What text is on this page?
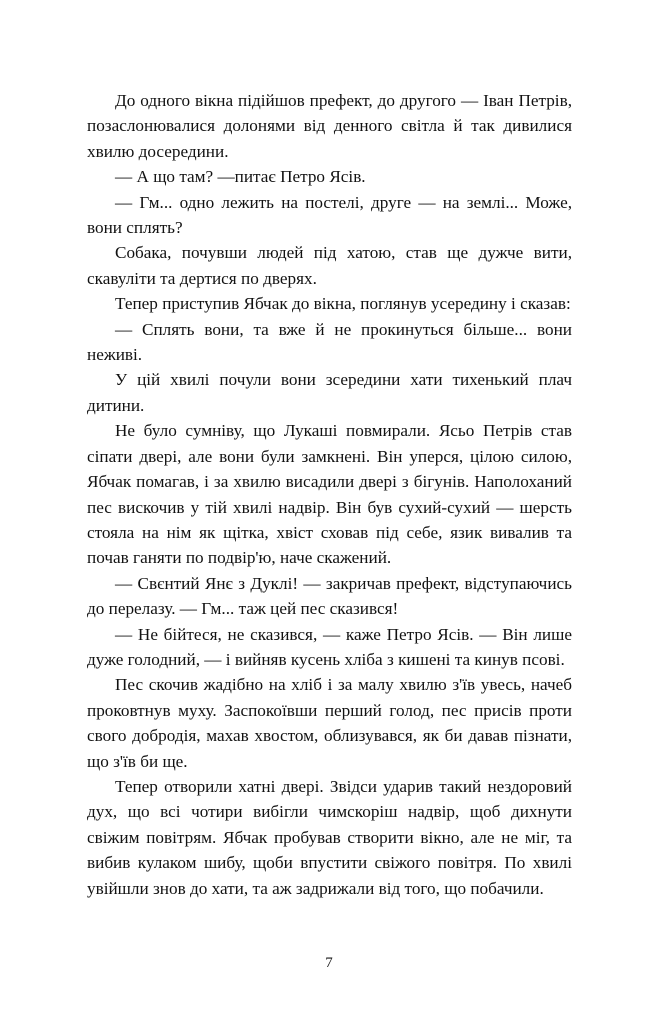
До одного вікна підійшов префект, до другого — Іван Петрів, позаслонювалися долонями від денного світла й так дивилися хвилю досередини.

— А що там? —питає Петро Ясів.

— Гм... одно лежить на постелі, друге — на землі... Може, вони сплять?

Собака, почувши людей під хатою, став ще дужче вити, скавуліти та дертися по дверях.

Тепер приступив Ябчак до вікна, поглянув усередину і сказав:

— Сплять вони, та вже й не прокинуться більше... вони неживі.

У цій хвилі почули вони зсередини хати тихенький плач дитини.

Не було сумніву, що Лукаші повмирали. Ясьо Петрів став сіпати двері, але вони були замкнені. Він уперся, цілою силою, Ябчак помагав, і за хвилю висадили двері з бігунів. Наполоханий пес вискочив у тій хвилі надвір. Він був сухий-сухий — шерсть стояла на нім як щітка, хвіст сховав під себе, язик вивалив та почав ганяти по подвір'ю, наче скажений.

— Свєнтий Янє з Дуклі! — закричав префект, відступаючись до перелазу. — Гм... таж цей пес сказився!

— Не бійтеся, не сказився, — каже Петро Ясів. — Він лише дуже голодний, — і вийняв кусень хліба з кишені та кинув псові.

Пес скочив жадібно на хліб і за малу хвилю з'їв увесь, начеб проковтнув муху. Заспокоївши перший голод, пес присів проти свого добродія, махав хвостом, облизувався, як би давав пізнати, що з'їв би ще.

Тепер отворили хатні двері. Звідси ударив такий нездоровий дух, що всі чотири вибігли чимскоріш надвір, щоб дихнути свіжим повітрям. Ябчак пробував створити вікно, але не міг, та вибив кулаком шибу, щоби впустити свіжого повітря. По хвилі увійшли знов до хати, та аж задрижали від того, що побачили.

7
